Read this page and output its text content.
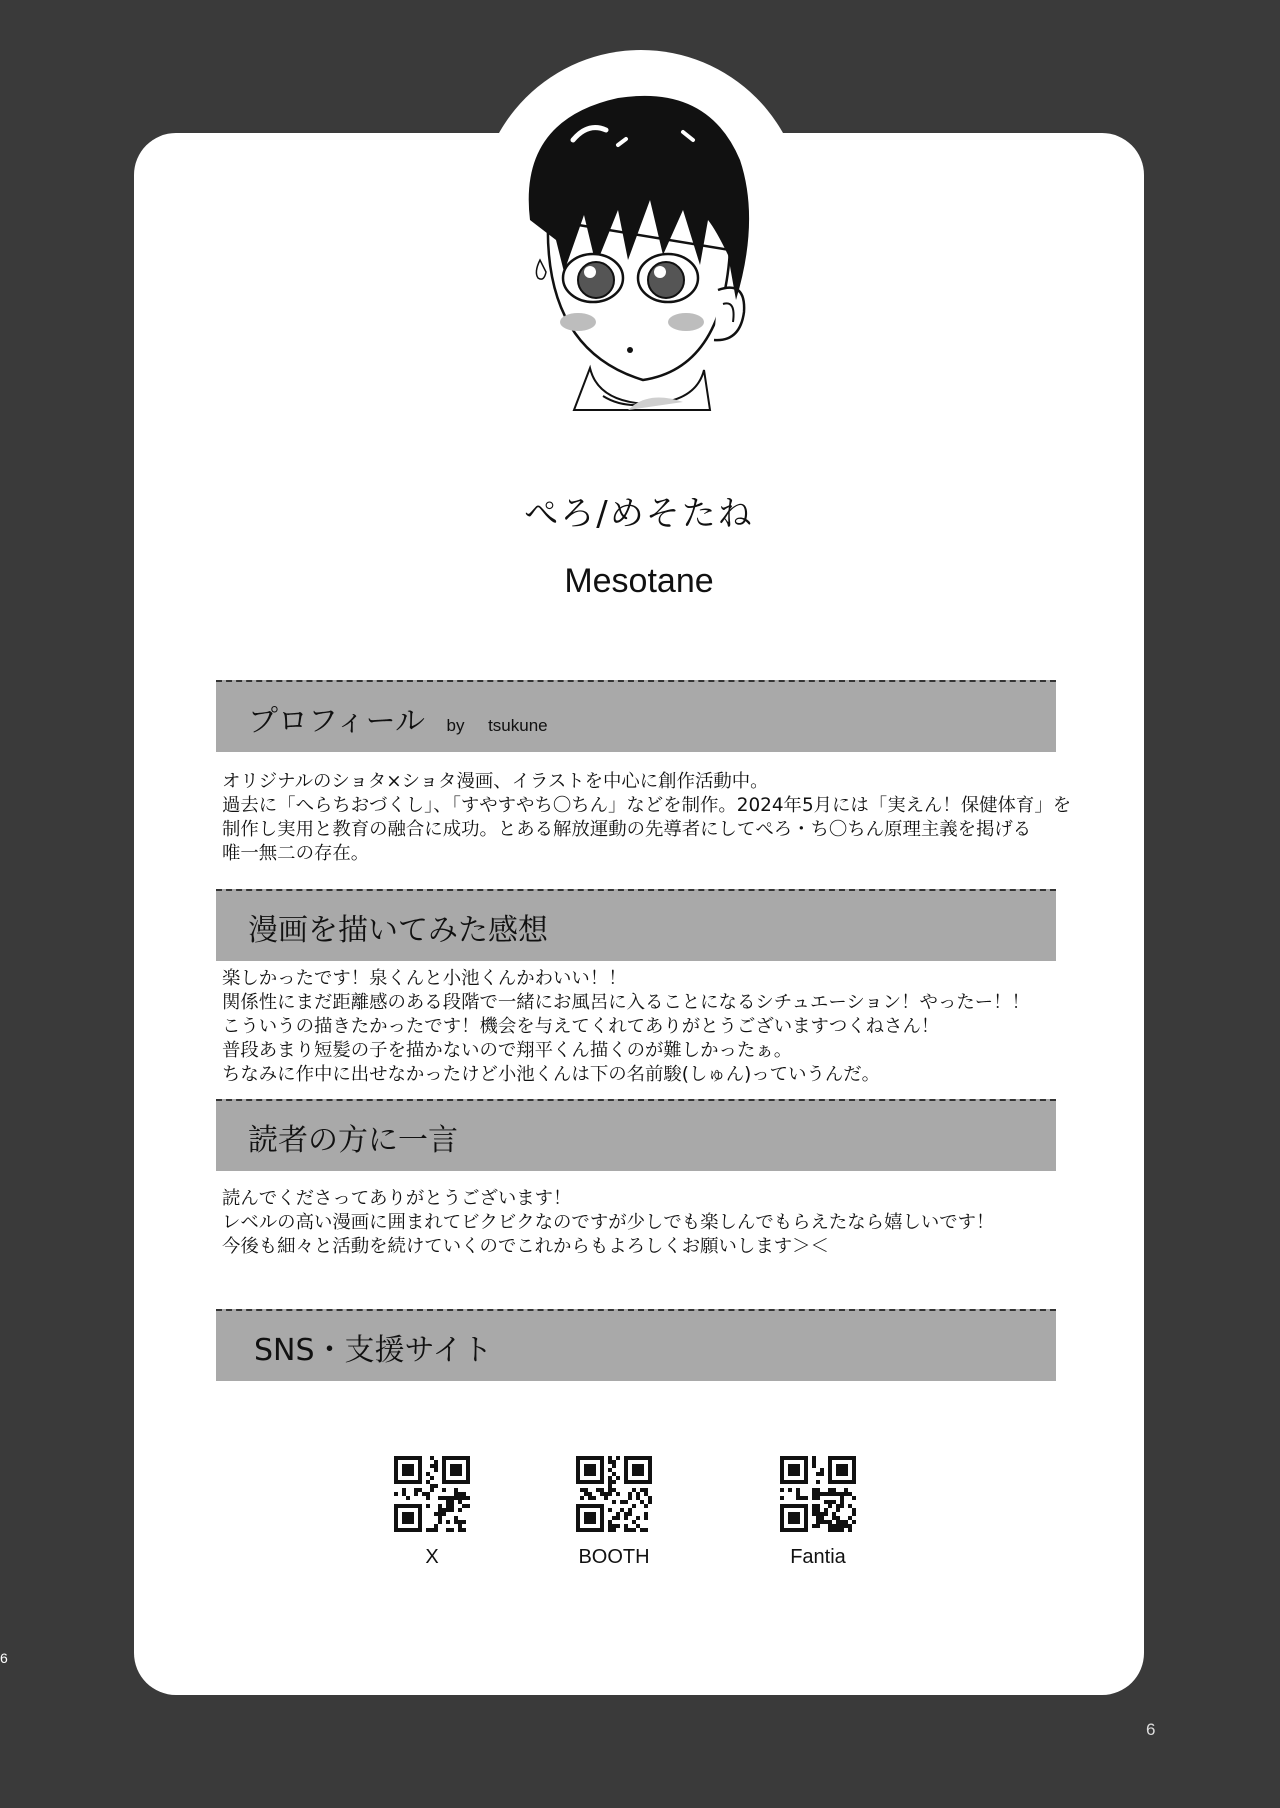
ぺろ/めそたね
Mesotane
プロフィール by tsukune
オリジナルのショタ×ショタ漫画、イラストを中心に創作活動中。
過去に「へらちおづくし」、「すやすやち〇ちん」などを制作。2024年5月には「実えん！保健体育」を
制作し実用と教育の融合に成功。とある解放運動の先導者にしてぺろ・ち〇ちん原理主義を掲げる
唯一無二の存在。
漫画を描いてみた感想
楽しかったです！泉くんと小池くんかわいい！！
関係性にまだ距離感のある段階で一緒にお風呂に入ることになるシチュエーション！やったー！！
こういうの描きたかったです！機会を与えてくれてありがとうございますつくねさん！
普段あまり短髪の子を描かないので翔平くん描くのが難しかったぁ。
ちなみに作中に出せなかったけど小池くんは下の名前駿(しゅん)っていうんだ。
読者の方に一言
読んでくださってありがとうございます！
レベルの高い漫画に囲まれてビクビクなのですが少しでも楽しんでもらえたなら嬉しいです！
今後も細々と活動を続けていくのでこれからもよろしくお願いします＞＜
SNS・支援サイト
X	BOOTH	Fantia
6
6
